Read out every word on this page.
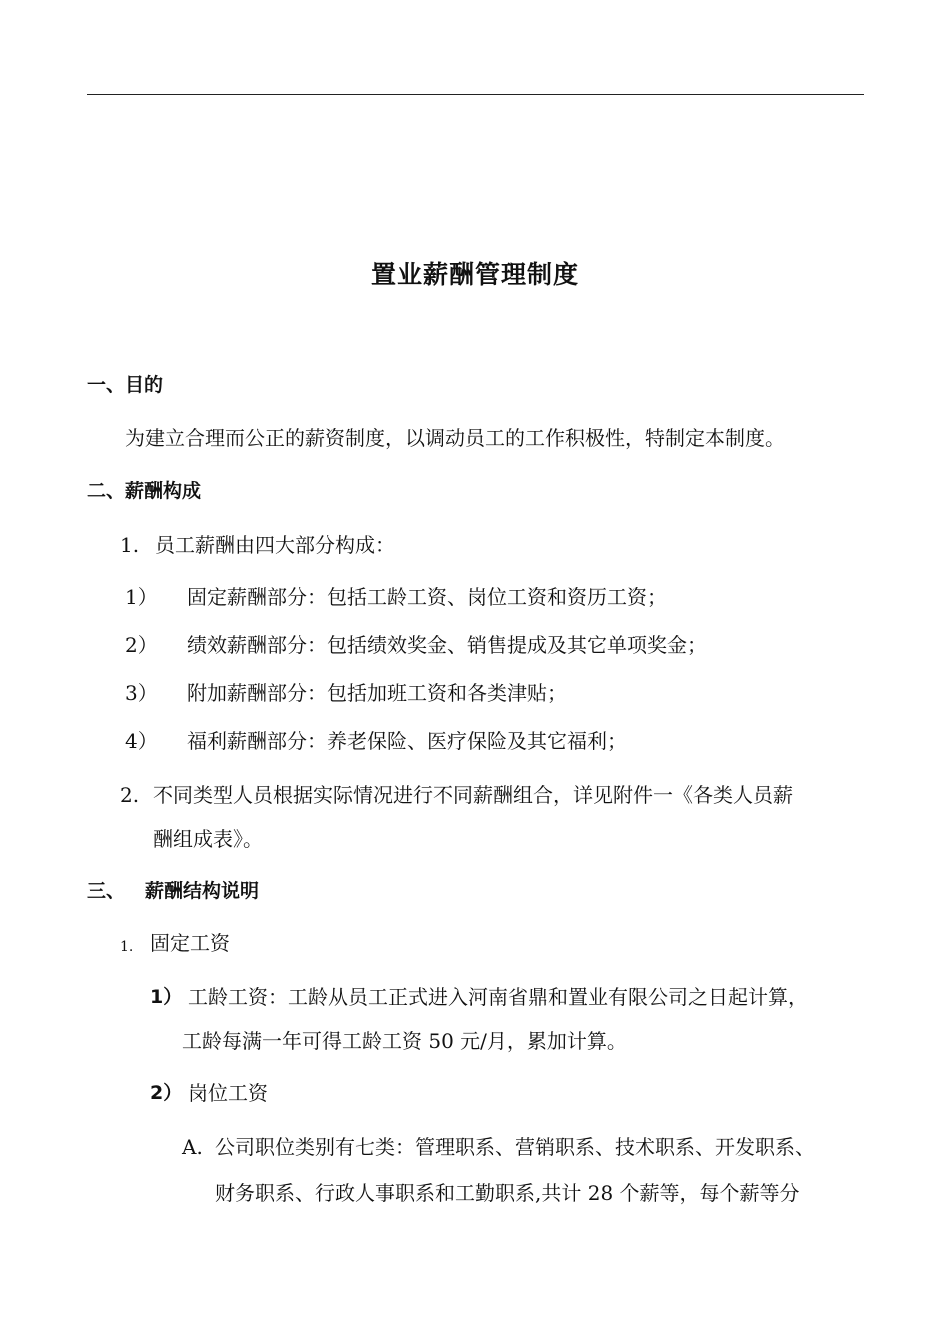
置业薪酬管理制度
一、目的
为建立合理而公正的薪资制度，以调动员工的工作积极性，特制定本制度。
二、薪酬构成
1. 员工薪酬由四大部分构成：
1） 固定薪酬部分：包括工龄工资、岗位工资和资历工资；
2） 绩效薪酬部分：包括绩效奖金、销售提成及其它单项奖金；
3） 附加薪酬部分：包括加班工资和各类津贴；
4） 福利薪酬部分：养老保险、医疗保险及其它福利；
2. 不同类型人员根据实际情况进行不同薪酬组合，详见附件一《各类人员薪
酬组成表》。
三、 薪酬结构说明
1. 固定工资
1） 工龄工资：工龄从员工正式进入河南省鼎和置业有限公司之日起计算，
工龄每满一年可得工龄工资 50 元/月，累加计算。
2） 岗位工资
A. 公司职位类别有七类：管理职系、营销职系、技术职系、开发职系、
财务职系、行政人事职系和工勤职系,共计 28 个薪等，每个薪等分
